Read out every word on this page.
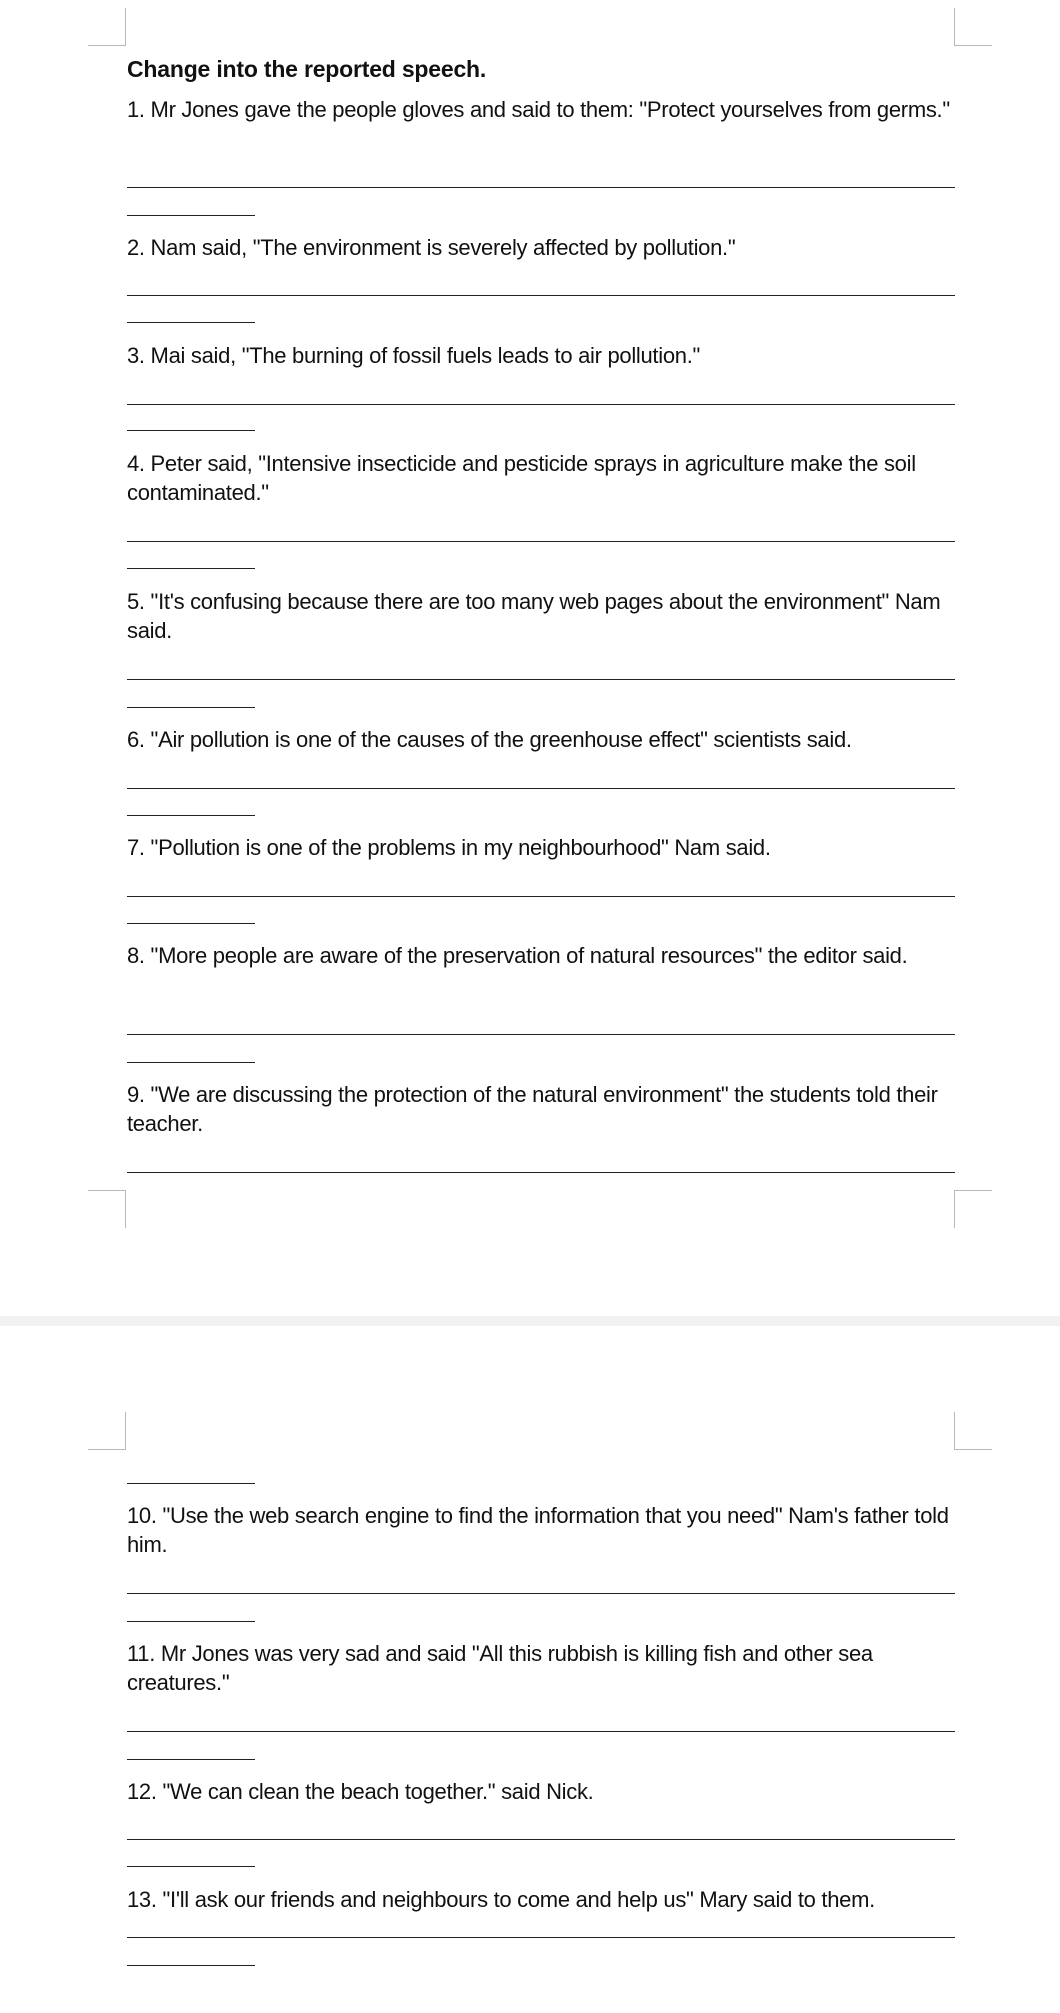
Change into the reported speech.

1. Mr Jones gave the people gloves and said to them: "Protect yourselves from germs."

2. Nam said, "The environment is severely affected by pollution."

3. Mai said, "The burning of fossil fuels leads to air pollution."

4. Peter said, "Intensive insecticide and pesticide sprays in agriculture make the soil contaminated."

5. "It's confusing because there are too many web pages about the environment" Nam said.

6. "Air pollution is one of the causes of the greenhouse effect" scientists said.

7. "Pollution is one of the problems in my neighbourhood" Nam said.

8. "More people are aware of the preservation of natural resources" the editor said.

9. "We are discussing the protection of the natural environment" the students told their teacher.

10. "Use the web search engine to find the information that you need" Nam's father told him.

11. Mr Jones was very sad and said "All this rubbish is killing fish and other sea creatures."

12. "We can clean the beach together." said Nick.

13. "I'll ask our friends and neighbours to come and help us" Mary said to them.
